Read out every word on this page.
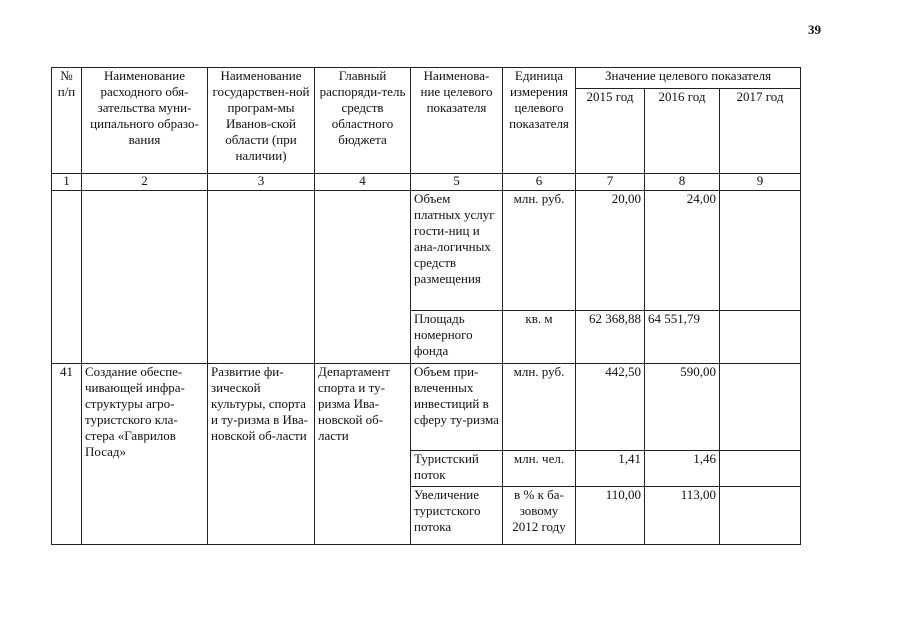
39
№ п/п	Наименование расходного обя-зательства муни-ципального образо-вания	Наименование государствен-ной програм-мы Иванов-ской области (при наличии)	Главный распоряди-тель средств областного бюджета	Наименова-ние целевого показателя	Единица измерения целевого показателя	Значение целевого показателя		
						2015 год	2016 год	2017 год
1	2	3	4	5	6	7	8	9
				Объем платных услуг гости-ниц и ана-логичных средств размещения	млн. руб.	20,00	24,00	
				Площадь номерного фонда	кв. м	62 368,88	64 551,79	
41	Создание обеспе-чивающей инфра-структуры агро-туристского кла-стера «Гаврилов Посад»	Развитие фи-зической культуры, спорта и ту-ризма в Ива-новской об-ласти	Департамент спорта и ту-ризма Ива-новской об-ласти	Объем при-влеченных инвестиций в сферу ту-ризма	млн. руб.	442,50	590,00	
				Туристский поток	млн. чел.	1,41	1,46	
				Увеличение туристского потока	в % к ба-зовому 2012 году	110,00	113,00	
